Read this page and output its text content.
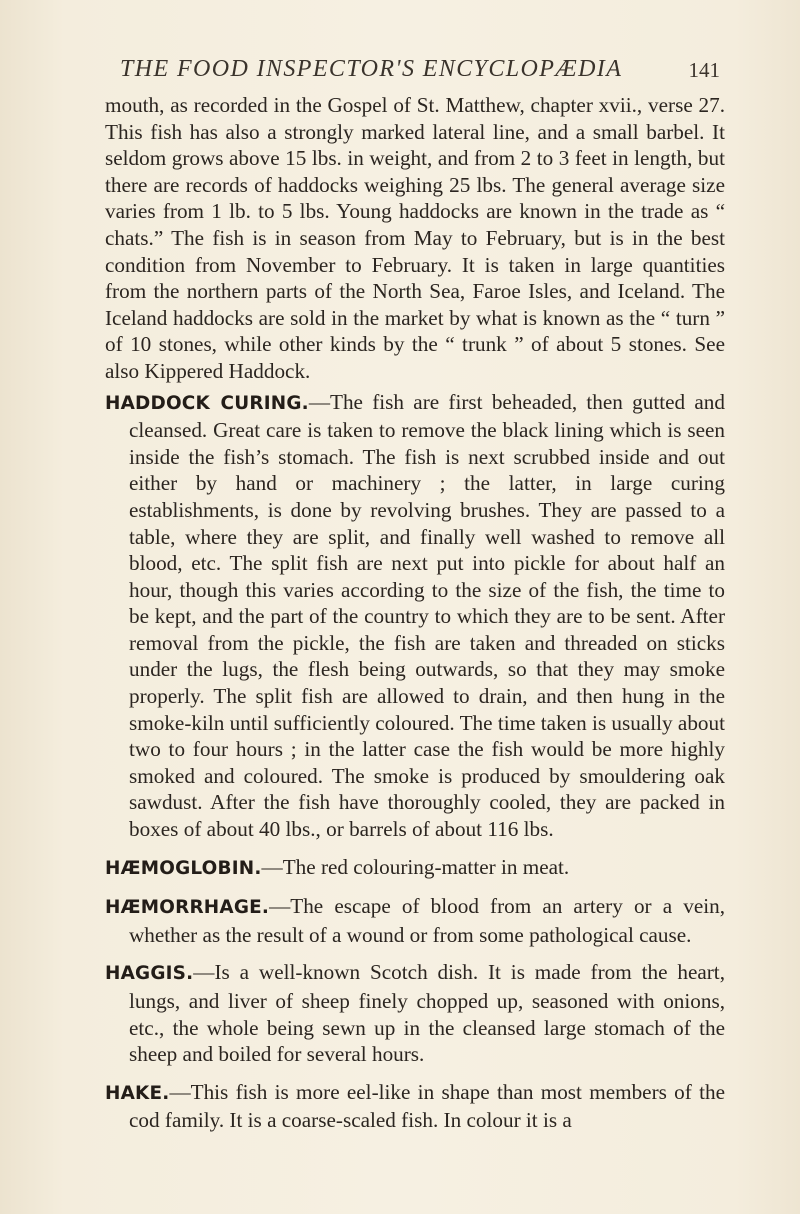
THE FOOD INSPECTOR'S ENCYCLOPÆDIA	141

mouth, as recorded in the Gospel of St. Matthew, chapter xvii., verse 27. This fish has also a strongly marked lateral line, and a small barbel. It seldom grows above 15 lbs. in weight, and from 2 to 3 feet in length, but there are records of haddocks weighing 25 lbs. The general average size varies from 1 lb. to 5 lbs. Young haddocks are known in the trade as “ chats.” The fish is in season from May to February, but is in the best condition from November to February. It is taken in large quantities from the northern parts of the North Sea, Faroe Isles, and Iceland. The Iceland haddocks are sold in the market by what is known as the “ turn ” of 10 stones, while other kinds by the “ trunk ” of about 5 stones. See also Kippered Haddock.

HADDOCK CURING.—The fish are first beheaded, then gutted and cleansed. Great care is taken to remove the black lining which is seen inside the fish’s stomach. The fish is next scrubbed inside and out either by hand or machinery ; the latter, in large curing establishments, is done by revolving brushes. They are passed to a table, where they are split, and finally well washed to remove all blood, etc. The split fish are next put into pickle for about half an hour, though this varies according to the size of the fish, the time to be kept, and the part of the country to which they are to be sent. After removal from the pickle, the fish are taken and threaded on sticks under the lugs, the flesh being outwards, so that they may smoke properly. The split fish are allowed to drain, and then hung in the smoke-kiln until sufficiently coloured. The time taken is usually about two to four hours ; in the latter case the fish would be more highly smoked and coloured. The smoke is produced by smouldering oak sawdust. After the fish have thoroughly cooled, they are packed in boxes of about 40 lbs., or barrels of about 116 lbs.

HÆMOGLOBIN.—The red colouring-matter in meat.

HÆMORRHAGE.—The escape of blood from an artery or a vein, whether as the result of a wound or from some pathological cause.

HAGGIS.—Is a well-known Scotch dish. It is made from the heart, lungs, and liver of sheep finely chopped up, seasoned with onions, etc., the whole being sewn up in the cleansed large stomach of the sheep and boiled for several hours.

HAKE.—This fish is more eel-like in shape than most members of the cod family. It is a coarse-scaled fish. In colour it is a
